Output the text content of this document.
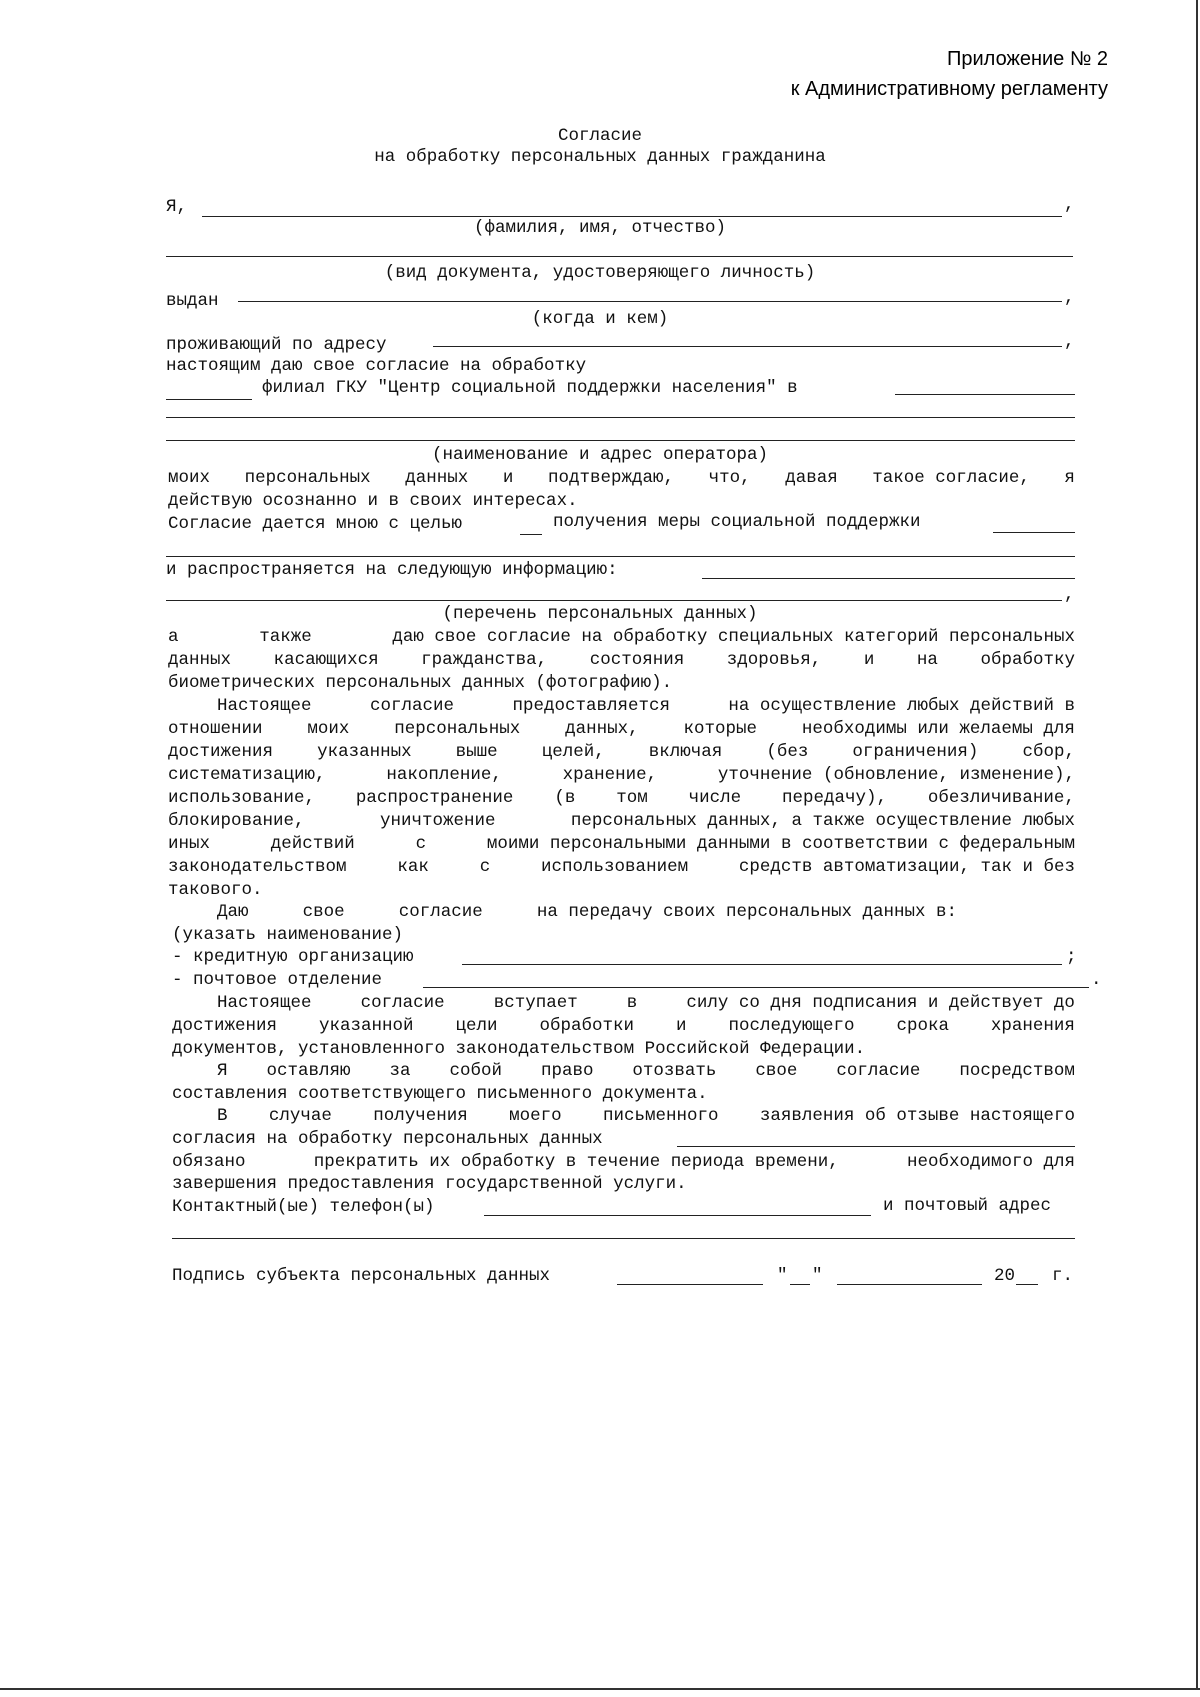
Приложение № 2
к Административному регламенту
Согласие
на обработку персональных данных гражданина
Я,	,
(фамилия, имя, отчество)
(вид документа, удостоверяющего личность)
выдан	,
(когда и кем)
проживающий по адресу	,
настоящим даю свое согласие на обработку
филиал ГКУ "Центр социальной поддержки населения" в
(наименование и адрес оператора)
моих персональных данных и подтверждаю, что, давая такое согласие, я
действую осознанно и в своих интересах.
Согласие дается мною с целью	получения меры социальной поддержки
и распространяется на следующую информацию:
,
(перечень персональных данных)
а	также	даю свое согласие на обработку специальных категорий персональных
данных касающихся гражданства, состояния здоровья, и на обработку
биометрических персональных данных (фотографию).
Настоящее	согласие	предоставляется	на осуществление любых действий в
отношении	моих	персональных	данных,	которые	необходимы или желаемы для
достижения	указанных	выше	целей,	включая	(без	ограничения)	сбор,
систематизацию,	накопление,	хранение,	уточнение (обновление, изменение),
использование, распространение (в том числе передачу), обезличивание,
блокирование,	уничтожение	персональных данных, а также осуществление любых
иных	действий	с	моими персональными данными в соответствии с федеральным
законодательством	как	с	использованием	средств автоматизации, так и без
такового.
Даю	свое	согласие	на передачу своих персональных данных в:
(указать наименование)
- кредитную организацию	;
- почтовое отделение	.
Настоящее	согласие	вступает	в	силу со дня подписания и действует до
достижения указанной цели обработки и последующего срока хранения
документов, установленного законодательством Российской Федерации.
Я оставляю за собой право отозвать свое согласие посредством
составления соответствующего письменного документа.
В случае получения моего письменного заявления об отзыве настоящего
согласия на обработку персональных данных
обязано	прекратить их обработку в течение периода времени,	необходимого для
завершения предоставления государственной услуги.
Контактный(ые) телефон(ы)	и почтовый адрес
Подпись субъекта персональных данных	" "	20 г.
